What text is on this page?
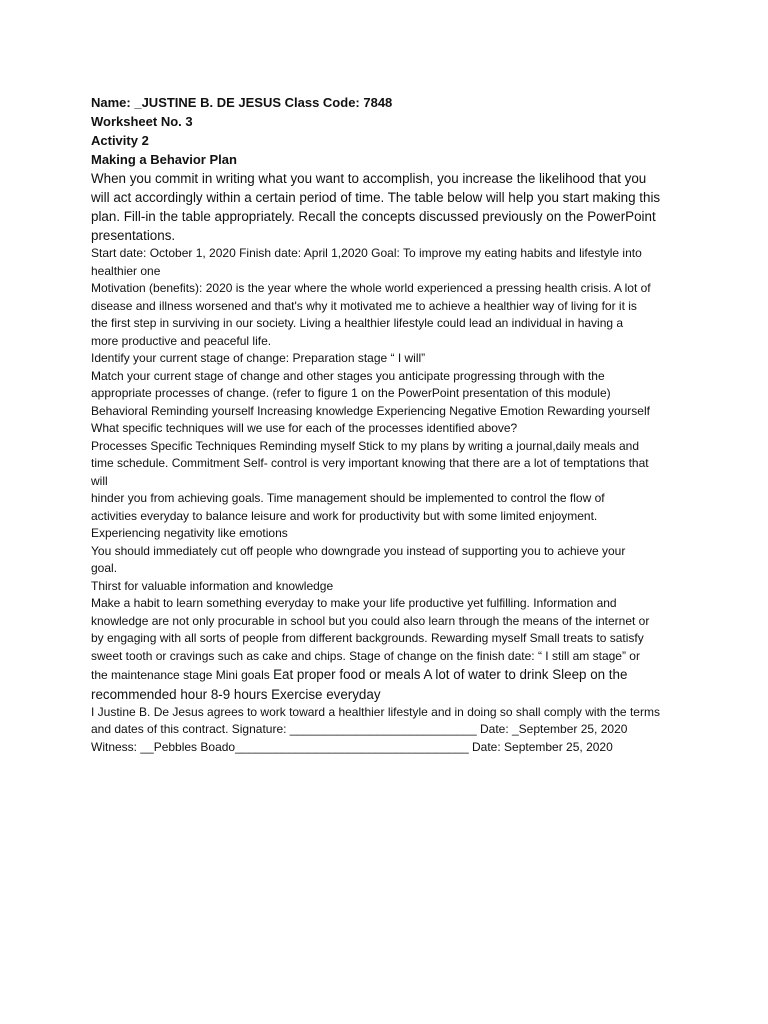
Name: _JUSTINE B. DE JESUS Class Code: 7848
Worksheet No. 3
Activity 2
Making a Behavior Plan
When you commit in writing what you want to accomplish, you increase the likelihood that you
will act accordingly within a certain period of time. The table below will help you start making this
plan. Fill-in the table appropriately. Recall the concepts discussed previously on the PowerPoint
presentations.
Start date: October 1, 2020 Finish date: April 1,2020 Goal: To improve my eating habits and lifestyle into
healthier one
Motivation (benefits): 2020 is the year where the whole world experienced a pressing health crisis. A lot of
disease and illness worsened and that's why it motivated me to achieve a healthier way of living for it is
the first step in surviving in our society. Living a healthier lifestyle could lead an individual in having a
more productive and peaceful life.
Identify your current stage of change: Preparation stage “ I will”
Match your current stage of change and other stages you anticipate progressing through with the
appropriate processes of change. (refer to figure 1 on the PowerPoint presentation of this module)
Behavioral Reminding yourself Increasing knowledge Experiencing Negative Emotion Rewarding yourself
What specific techniques will we use for each of the processes identified above?
Processes Specific Techniques Reminding myself Stick to my plans by writing a journal,daily meals and
time schedule. Commitment Self- control is very important knowing that there are a lot of temptations that
will
hinder you from achieving goals. Time management should be implemented to control the flow of
activities everyday to balance leisure and work for productivity but with some limited enjoyment.
Experiencing negativity like emotions
You should immediately cut off people who downgrade you instead of supporting you to achieve your
goal.
Thirst for valuable information and knowledge
Make a habit to learn something everyday to make your life productive yet fulfilling. Information and
knowledge are not only procurable in school but you could also learn through the means of the internet or
by engaging with all sorts of people from different backgrounds. Rewarding myself Small treats to satisfy
sweet tooth or cravings such as cake and chips. Stage of change on the finish date: “ I still am stage” or
the maintenance stage Mini goals Eat proper food or meals A lot of water to drink Sleep on the
recommended hour 8-9 hours Exercise everyday
I Justine B. De Jesus agrees to work toward a healthier lifestyle and in doing so shall comply with the terms
and dates of this contract. Signature: ____________________________ Date: _September 25, 2020
Witness: __Pebbles Boado___________________________________ Date: September 25, 2020
